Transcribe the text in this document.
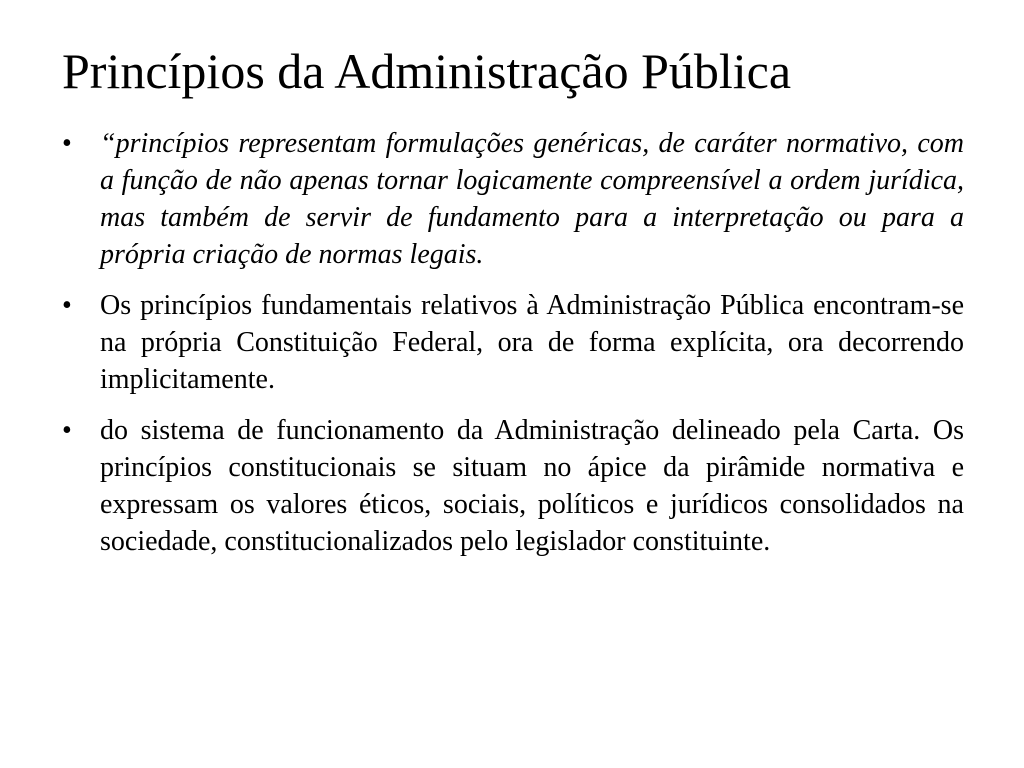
Princípios da Administração Pública
•	“princípios representam formulações genéricas, de caráter normativo, com a função de não apenas tornar logicamente compreensível a ordem jurídica, mas também de servir de fundamento para a interpretação ou para a própria criação de normas legais.
•	Os princípios fundamentais relativos à Administração Pública encontram-se na própria Constituição Federal, ora de forma explícita, ora decorrendo implicitamente.
•	do sistema de funcionamento da Administração delineado pela Carta. Os princípios constitucionais se situam no ápice da pirâmide normativa e expressam os valores éticos, sociais, políticos e jurídicos consolidados na sociedade, constitucionalizados pelo legislador constituinte.
